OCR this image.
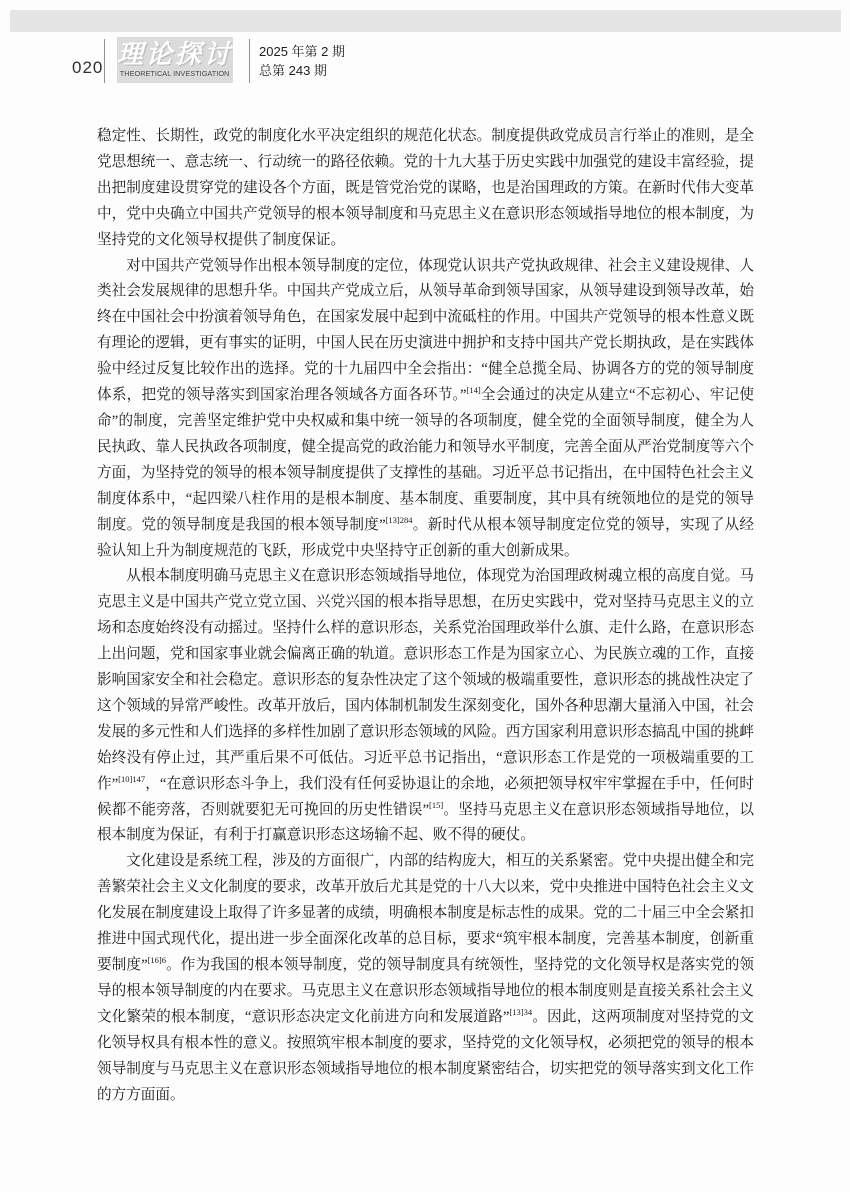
020 理论探讨
THEORETICAL INVESTIGATION
2025 年第 2 期
总第 243 期

稳定性、长期性，政党的制度化水平决定组织的规范化状态。制度提供政党成员言行举止的准则，是全党思想统一、意志统一、行动统一的路径依赖。党的十九大基于历史实践中加强党的建设丰富经验，提出把制度建设贯穿党的建设各个方面，既是管党治党的谋略，也是治国理政的方策。在新时代伟大变革中，党中央确立中国共产党领导的根本领导制度和马克思主义在意识形态领域指导地位的根本制度，为坚持党的文化领导权提供了制度保证。

对中国共产党领导作出根本领导制度的定位，体现党认识共产党执政规律、社会主义建设规律、人类社会发展规律的思想升华。中国共产党成立后，从领导革命到领导国家，从领导建设到领导改革，始终在中国社会中扮演着领导角色，在国家发展中起到中流砥柱的作用。中国共产党领导的根本性意义既有理论的逻辑，更有事实的证明，中国人民在历史演进中拥护和支持中国共产党长期执政，是在实践体验中经过反复比较作出的选择。党的十九届四中全会指出：“健全总揽全局、协调各方的党的领导制度体系，把党的领导落实到国家治理各领域各方面各环节。”[14]全会通过的决定从建立“不忘初心、牢记使命”的制度，完善坚定维护党中央权威和集中统一领导的各项制度，健全党的全面领导制度，健全为人民执政、靠人民执政各项制度，健全提高党的政治能力和领导水平制度，完善全面从严治党制度等六个方面，为坚持党的领导的根本领导制度提供了支撑性的基础。习近平总书记指出，在中国特色社会主义制度体系中，“起四梁八柱作用的是根本制度、基本制度、重要制度，其中具有统领地位的是党的领导制度。党的领导制度是我国的根本领导制度”$^{[13]284}$。新时代从根本领导制度定位党的领导，实现了从经验认知上升为制度规范的飞跃，形成党中央坚持守正创新的重大创新成果。

从根本制度明确马克思主义在意识形态领域指导地位，体现党为治国理政树魂立根的高度自觉。马克思主义是中国共产党立党立国、兴党兴国的根本指导思想，在历史实践中，党对坚持马克思主义的立场和态度始终没有动摇过。坚持什么样的意识形态，关系党治国理政举什么旗、走什么路，在意识形态上出问题，党和国家事业就会偏离正确的轨道。意识形态工作是为国家立心、为民族立魂的工作，直接影响国家安全和社会稳定。意识形态的复杂性决定了这个领域的极端重要性，意识形态的挑战性决定了这个领域的异常严峻性。改革开放后，国内体制机制发生深刻变化，国外各种思潮大量涌入中国，社会发展的多元性和人们选择的多样性加剧了意识形态领域的风险。西方国家利用意识形态搞乱中国的挑衅始终没有停止过，其严重后果不可低估。习近平总书记指出，“意识形态工作是党的一项极端重要的工作”$^{[10]147}$，“在意识形态斗争上，我们没有任何妥协退让的余地，必须把领导权牢牢掌握在手中，任何时候都不能旁落，否则就要犯无可挽回的历史性错误”[15]。坚持马克思主义在意识形态领域指导地位，以根本制度为保证，有利于打赢意识形态这场输不起、败不得的硬仗。

文化建设是系统工程，涉及的方面很广，内部的结构庞大，相互的关系紧密。党中央提出健全和完善繁荣社会主义文化制度的要求，改革开放后尤其是党的十八大以来，党中央推进中国特色社会主义文化发展在制度建设上取得了许多显著的成绩，明确根本制度是标志性的成果。党的二十届三中全会紧扣推进中国式现代化，提出进一步全面深化改革的总目标，要求“筑牢根本制度，完善基本制度，创新重要制度”$^{[16]6}$。作为我国的根本领导制度，党的领导制度具有统领性，坚持党的文化领导权是落实党的领导的根本领导制度的内在要求。马克思主义在意识形态领域指导地位的根本制度则是直接关系社会主义文化繁荣的根本制度，“意识形态决定文化前进方向和发展道路”$^{[13]34}$。因此，这两项制度对坚持党的文化领导权具有根本性的意义。按照筑牢根本制度的要求，坚持党的文化领导权，必须把党的领导的根本领导制度与马克思主义在意识形态领域指导地位的根本制度紧密结合，切实把党的领导落实到文化工作的方方面面。
